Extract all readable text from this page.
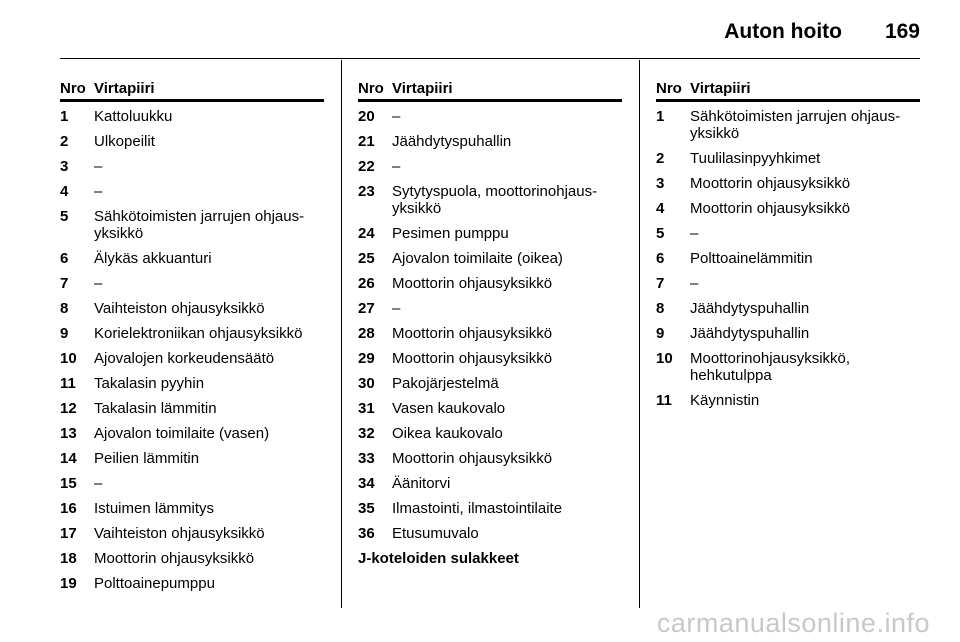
Auton hoito 169
Nro Virtapiiri
1	Kattoluukku
2	Ulkopeilit
3	–
4	–
5	Sähkötoimisten jarrujen ohjaus-
yksikkö
6	Älykäs akkuanturi
7	–
8	Vaihteiston ohjausyksikkö
9	Korielektroniikan ohjausyksikkö
10	Ajovalojen korkeudensäätö
11	Takalasin pyyhin
12	Takalasin lämmitin
13	Ajovalon toimilaite (vasen)
14	Peilien lämmitin
15	–
16	Istuimen lämmitys
17	Vaihteiston ohjausyksikkö
18	Moottorin ohjausyksikkö
19	Polttoainepumppu
Nro Virtapiiri
20	–
21	Jäähdytyspuhallin
22	–
23	Sytytyspuola, moottorinohjaus-
yksikkö
24	Pesimen pumppu
25	Ajovalon toimilaite (oikea)
26	Moottorin ohjausyksikkö
27	–
28	Moottorin ohjausyksikkö
29	Moottorin ohjausyksikkö
30	Pakojärjestelmä
31	Vasen kaukovalo
32	Oikea kaukovalo
33	Moottorin ohjausyksikkö
34	Äänitorvi
35	Ilmastointi, ilmastointilaite
36	Etusumuvalo
J-koteloiden sulakkeet
Nro Virtapiiri
1	Sähkötoimisten jarrujen ohjaus-
yksikkö
2	Tuulilasinpyyhkimet
3	Moottorin ohjausyksikkö
4	Moottorin ohjausyksikkö
5	–
6	Polttoainelämmitin
7	–
8	Jäähdytyspuhallin
9	Jäähdytyspuhallin
10	Moottorinohjausyksikkö,
hehkutulppa
11	Käynnistin
carmanualsonline.info
